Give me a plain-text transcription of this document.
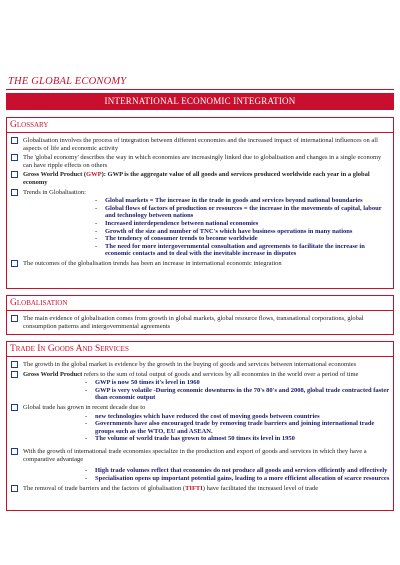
THE GLOBAL ECONOMY
INTERNATIONAL ECONOMIC INTEGRATION
Glossary
Globalisation involves the process of integration between different economies and the increased impact of international influences on all aspects of life and economic activity
The 'global economy' describes the way in which economies are increasingly linked due to globalisation and changes in a single economy can have ripple effects on others
Gross World Product (GWP): GWP is the aggregate value of all goods and services produced worldwide each year in a global economy
Trends in Globalisation:
- Global markets = The increase in the trade in goods and services beyond national boundaries
- Global flows of factors of production or resources = the increase in the movements of capital, labour and technology between nations
- Increased interdependence between national economies
- Growth of the size and number of TNC's which have business operations in many nations
- The tendency of consumer trends to become worldwide
- The need for more intergovernmental consultation and agreements to facilitate the increase in economic contacts and to deal with the inevitable increase in disputes
The outcomes of the globalisation trends has been an increase in international economic integration
Globalisation
The main evidence of globalisation comes from growth in global markets, global resource flows, transnational corporations, global consumption patterns and intergovernmental agreements
Trade In Goods And Services
The growth in the global market is evidence by the growth in the buying of goods and services between international economies
Gross World Product refers to the sum of total output of goods and services by all economies in the world over a period of time
- GWP is now 50 times it's level in 1960
- GWP is very volatile -During economic downturns in the 70's 80's and 2008, global trade contracted faster than economic output
Global trade has grown in recent decade due to
- new technologies which have reduced the cost of moving goods between countries
- Governments have also encouraged trade by removing trade barriers and joining international trade groups such as the WTO, EU and ASEAN.
- The volume of world trade has grown to almost 50 times its level in 1950
With the growth of international trade economies specialize in the production and export of goods and services in which they have a comparative advantage
- High trade volumes reflect that economies do not produce all goods and services efficiently and effectively
- Specialisation opens up important potential gains, leading to a more efficient allocation of scarce resources
The removal of trade barriers and the factors of globalisation (TIFTI) have facilitated the increased level of trade
